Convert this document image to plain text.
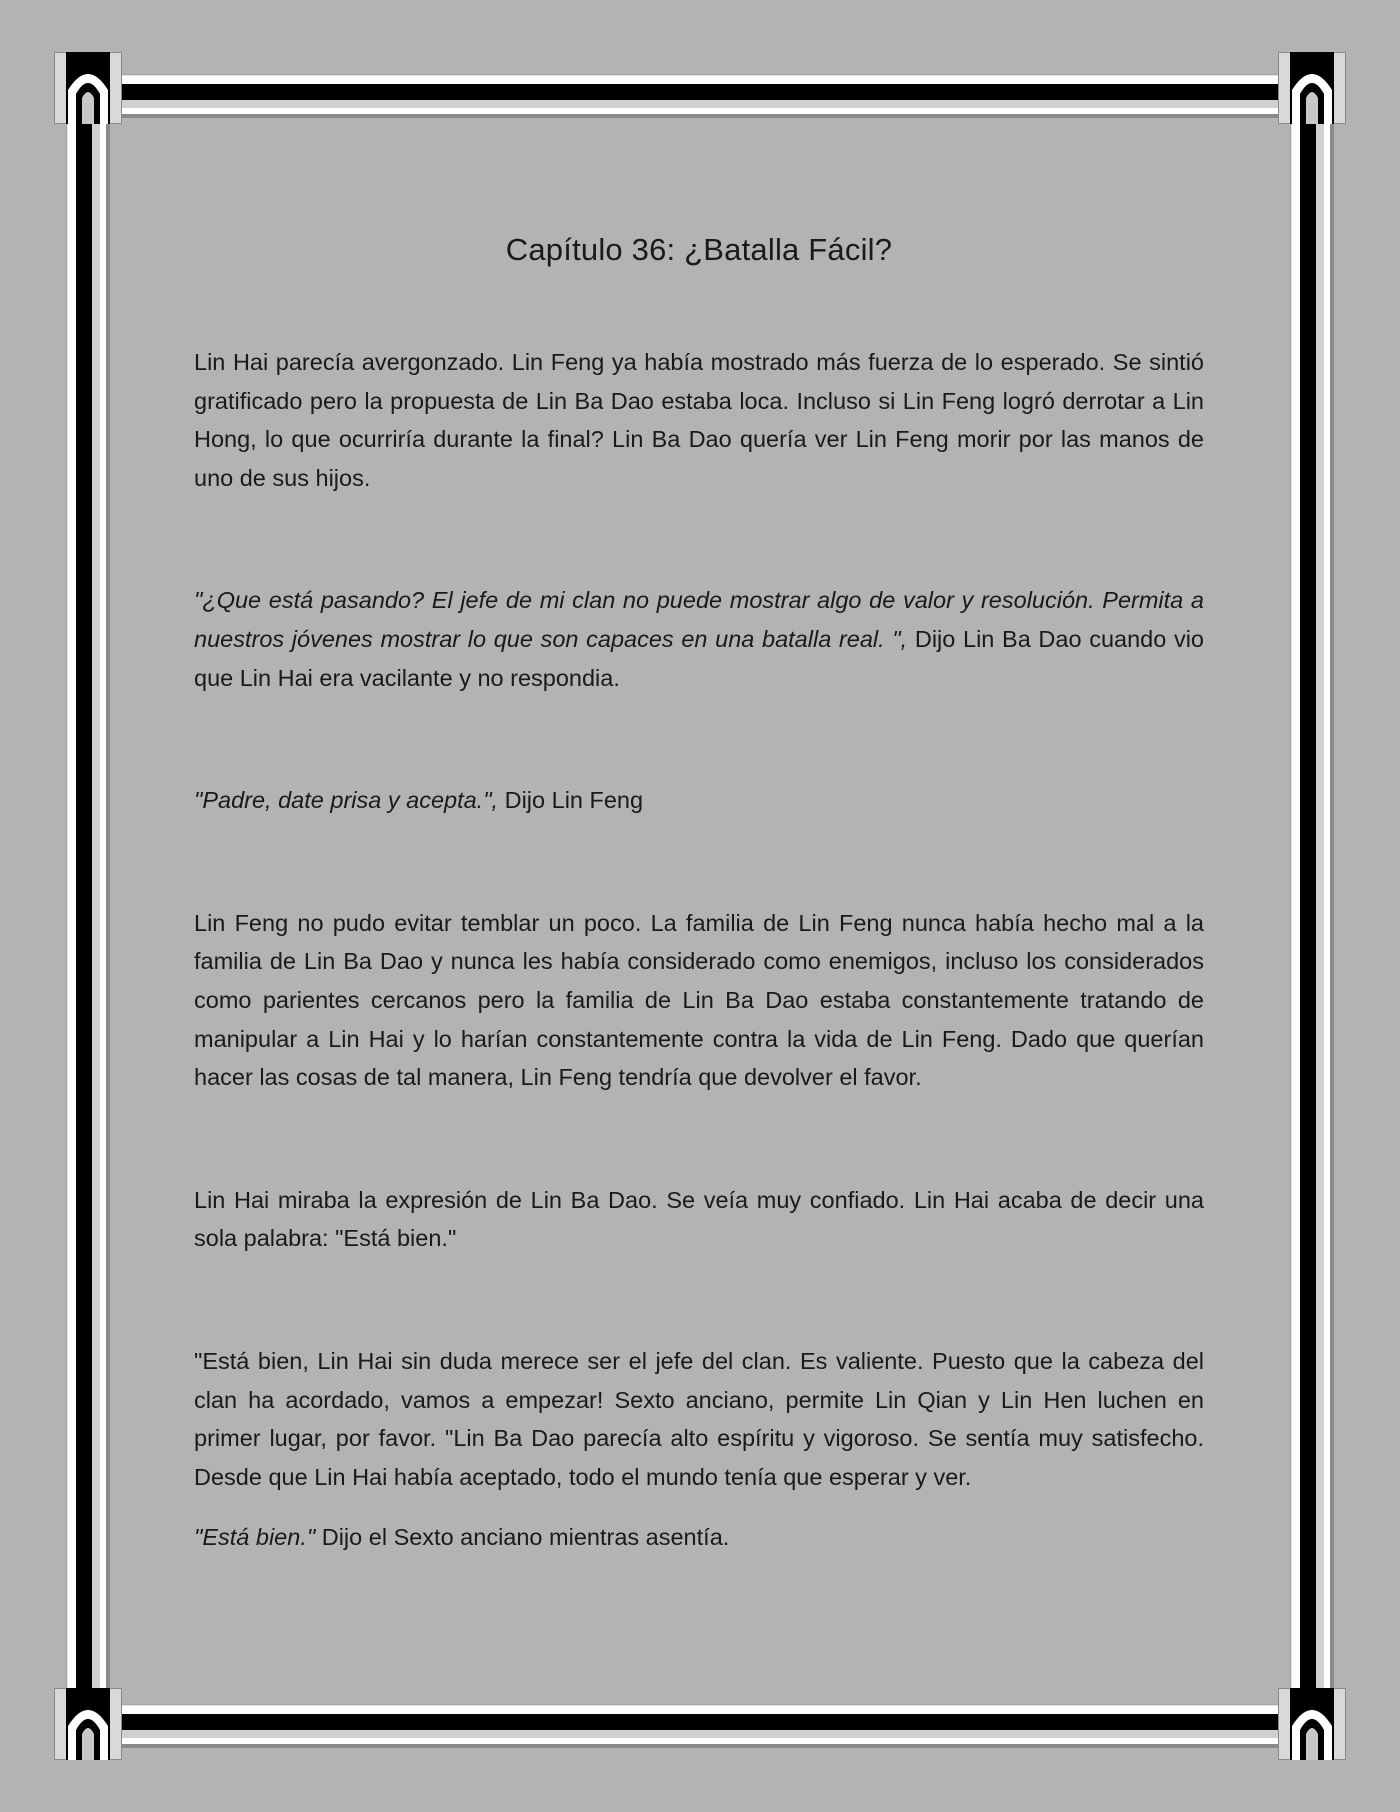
Capítulo 36: ¿Batalla Fácil?

Lin Hai parecía avergonzado. Lin Feng ya había mostrado más fuerza de lo esperado. Se sintió gratificado pero la propuesta de Lin Ba Dao estaba loca. Incluso si Lin Feng logró derrotar a Lin Hong, lo que ocurriría durante la final? Lin Ba Dao quería ver Lin Feng morir por las manos de uno de sus hijos.

"¿Que está pasando? El jefe de mi clan no puede mostrar algo de valor y resolución. Permita a nuestros jóvenes mostrar lo que son capaces en una batalla real. ", Dijo Lin Ba Dao cuando vio que Lin Hai era vacilante y no respondia.

"Padre, date prisa y acepta.", Dijo Lin Feng

Lin Feng no pudo evitar temblar un poco. La familia de Lin Feng nunca había hecho mal a la familia de Lin Ba Dao y nunca les había considerado como enemigos, incluso los considerados como parientes cercanos pero la familia de Lin Ba Dao estaba constantemente tratando de manipular a Lin Hai y lo harían constantemente contra la vida de Lin Feng. Dado que querían hacer las cosas de tal manera, Lin Feng tendría que devolver el favor.

Lin Hai miraba la expresión de Lin Ba Dao. Se veía muy confiado. Lin Hai acaba de decir una sola palabra: "Está bien."

"Está bien, Lin Hai sin duda merece ser el jefe del clan. Es valiente. Puesto que la cabeza del clan ha acordado, vamos a empezar! Sexto anciano, permite Lin Qian y Lin Hen luchen en primer lugar, por favor. "Lin Ba Dao parecía alto espíritu y vigoroso. Se sentía muy satisfecho. Desde que Lin Hai había aceptado, todo el mundo tenía que esperar y ver.

"Está bien." Dijo el Sexto anciano mientras asentía.
